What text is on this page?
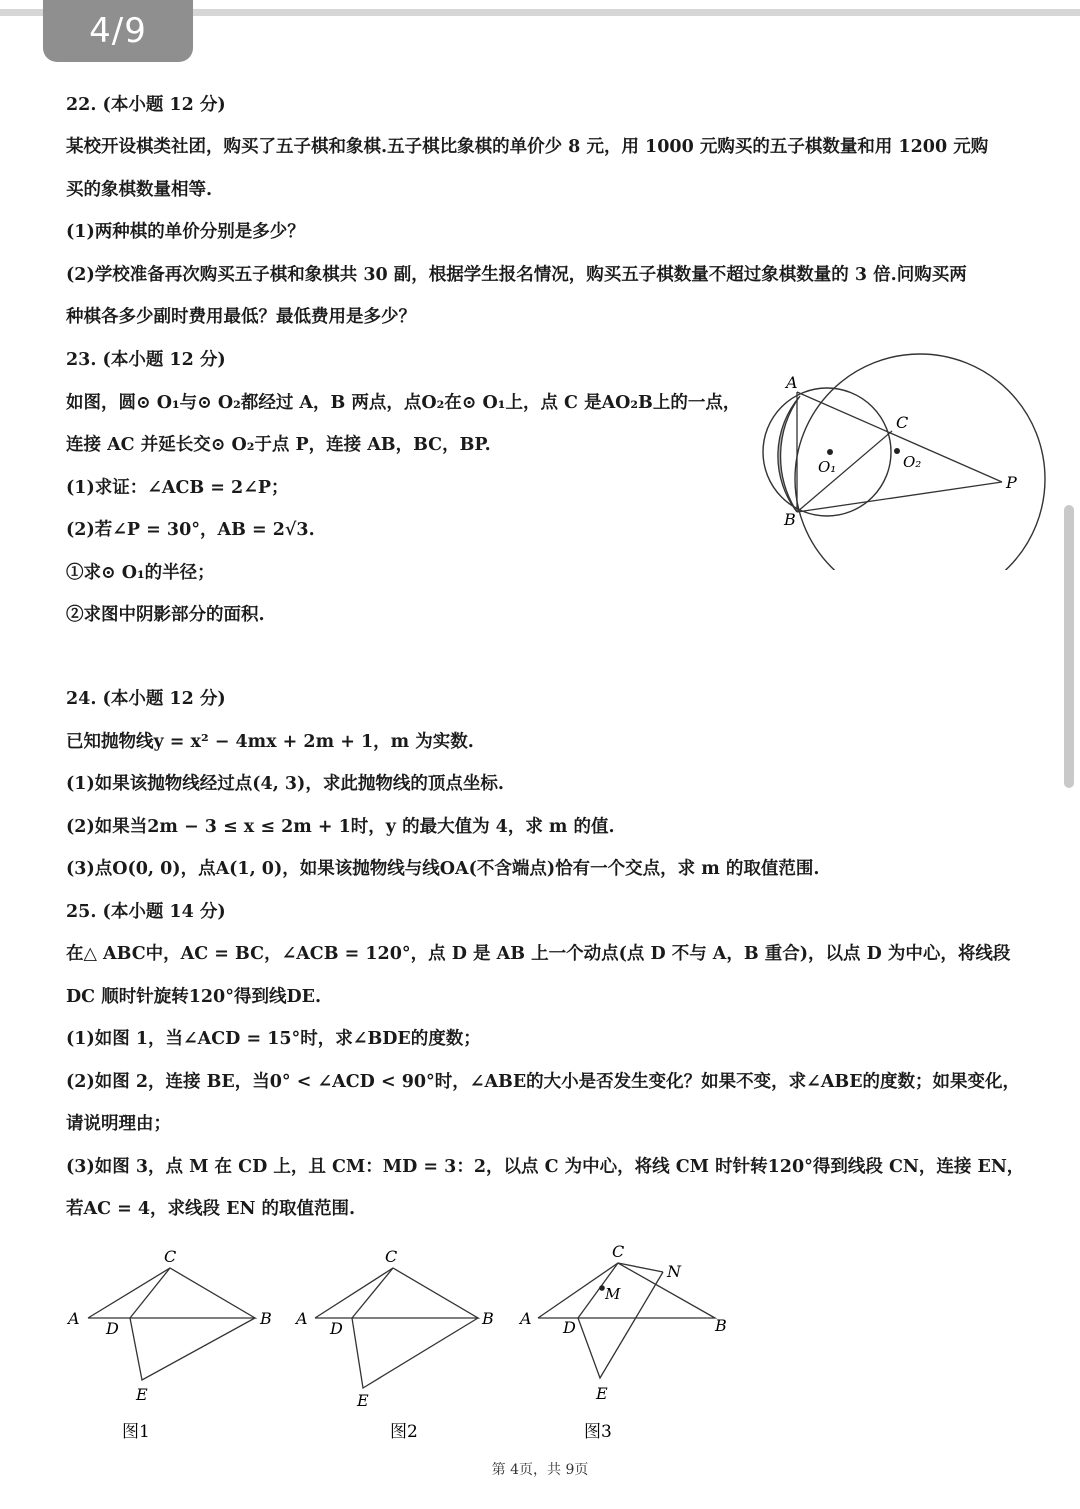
4/9
22. (本小题 12 分)
某校开设棋类社团，购买了五子棋和象棋.五子棋比象棋的单价少 8 元，用 1000 元购买的五子棋数量和用 1200 元购
买的象棋数量相等.
(1)两种棋的单价分别是多少？
(2)学校准备再次购买五子棋和象棋共 30 副，根据学生报名情况，购买五子棋数量不超过象棋数量的 3 倍.问购买两
种棋各多少副时费用最低？最低费用是多少？
23. (本小题 12 分)
如图，圆⊙ O₁与⊙ O₂都经过 A，B 两点，点O₂在⊙ O₁上，点 C 是AO₂B上的一点，
连接 AC 并延长交⊙ O₂于点 P，连接 AB，BC，BP.
(1)求证：∠ACB = 2∠P；
(2)若∠P = 30°，AB = 2√3.
①求⊙ O₁的半径；
②求图中阴影部分的面积.
A
B
C
P
O₁	O₂
24. (本小题 12 分)
已知抛物线y = x² − 4mx + 2m + 1，m 为实数.
(1)如果该抛物线经过点(4, 3)，求此抛物线的顶点坐标.
(2)如果当2m − 3 ≤ x ≤ 2m + 1时，y 的最大值为 4，求 m 的值.
(3)点O(0, 0)，点A(1, 0)，如果该抛物线与线OA(不含端点)恰有一个交点，求 m 的取值范围.
25. (本小题 14 分)
在△ ABC中，AC = BC，∠ACB = 120°，点 D 是 AB 上一个动点(点 D 不与 A，B 重合)，以点 D 为中心，将线段
DC 顺时针旋转120°得到线DE.
(1)如图 1，当∠ACD = 15°时，求∠BDE的度数；
(2)如图 2，连接 BE，当0° < ∠ACD < 90°时，∠ABE的大小是否发生变化？如果不变，求∠ABE的度数；如果变化，
请说明理由；
(3)如图 3，点 M 在 CD 上，且 CM：MD = 3：2，以点 C 为中心，将线 CM 时针转120°得到线段 CN，连接 EN，
若AC = 4，求线段 EN 的取值范围.
C
A	B
D
E
图1
C
A	B
D
E
图2
C
N
M
A	B
D
E
图3
第 4页，共 9页
